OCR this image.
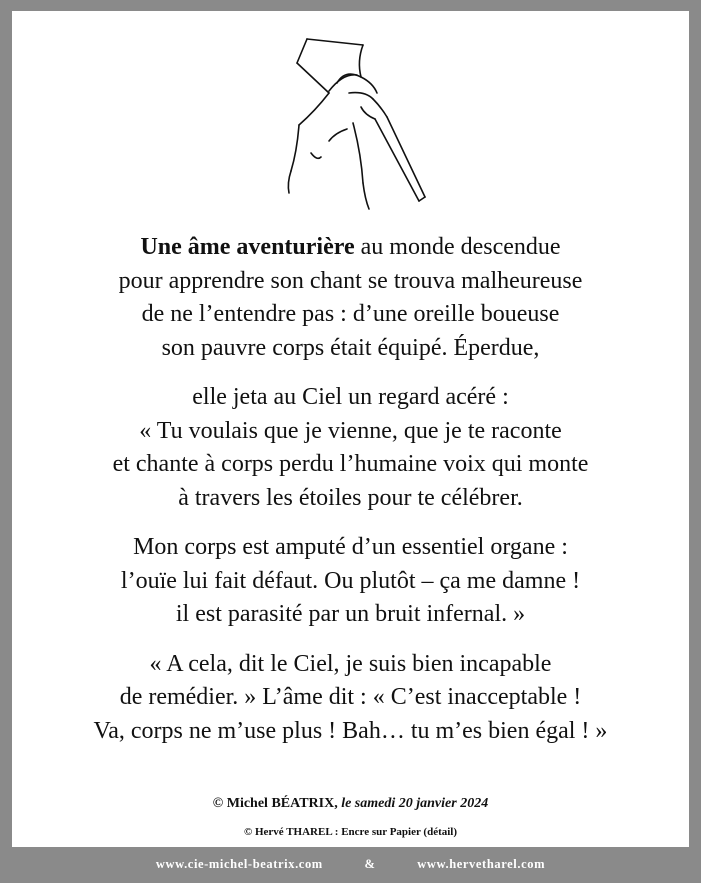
Une âme aventurière au monde descendue
pour apprendre son chant se trouva malheureuse
de ne l’entendre pas : d’une oreille boueuse
son pauvre corps était équipé. Éperdue,
elle jeta au Ciel un regard acéré :
« Tu voulais que je vienne, que je te raconte
et chante à corps perdu l’humaine voix qui monte
à travers les étoiles pour te célébrer.
Mon corps est amputé d’un essentiel organe :
l’ouïe lui fait défaut. Ou plutôt – ça me damne !
il est parasité par un bruit infernal. »
« A cela, dit le Ciel, je suis bien incapable
de remédier. » L’âme dit : « C’est inacceptable !
Va, corps ne m’use plus ! Bah… tu m’es bien égal ! »
© Michel BÉATRIX, le samedi 20 janvier 2024
© Hervé THAREL : Encre sur Papier (détail)
www.cie-michel-beatrix.com	&	www.hervetharel.com
